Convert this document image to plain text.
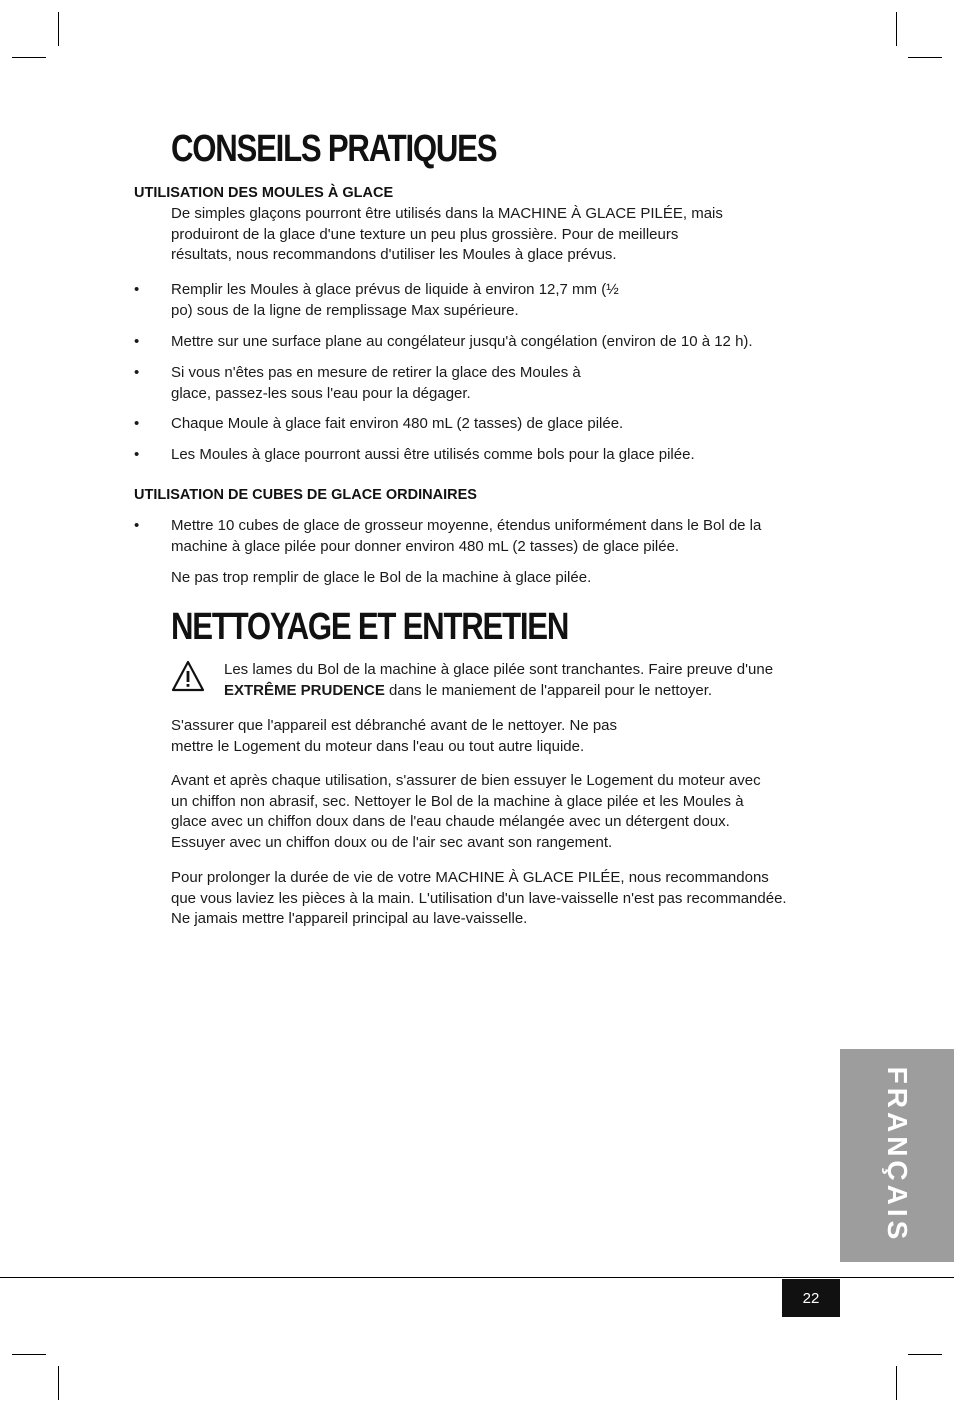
CONSEILS PRATIQUES
UTILISATION DES MOULES À GLACE

De simples glaçons pourront être utilisés dans la MACHINE À GLACE PILÉE, mais produiront de la glace d'une texture un peu plus grossière. Pour de meilleurs résultats, nous recommandons d'utiliser les Moules à glace prévus.

• Remplir les Moules à glace prévus de liquide à environ 12,7 mm (½ po) sous de la ligne de remplissage Max supérieure.

• Mettre sur une surface plane au congélateur jusqu'à congélation (environ de 10 à 12 h).

• Si vous n'êtes pas en mesure de retirer la glace des Moules à glace, passez-les sous l'eau pour la dégager.

• Chaque Moule à glace fait environ 480 mL (2 tasses) de glace pilée.

• Les Moules à glace pourront aussi être utilisés comme bols pour la glace pilée.

UTILISATION DE CUBES DE GLACE ORDINAIRES
• Mettre 10 cubes de glace de grosseur moyenne, étendus uniformément dans le Bol de la machine à glace pilée pour donner environ 480 mL (2 tasses) de glace pilée.

Ne pas trop remplir de glace le Bol de la machine à glace pilée.

NETTOYAGE ET ENTRETIEN

Les lames du Bol de la machine à glace pilée sont tranchantes. Faire preuve d'une EXTRÊME PRUDENCE dans le maniement de l'appareil pour le nettoyer.

S'assurer que l'appareil est débranché avant de le nettoyer. Ne pas mettre le Logement du moteur dans l'eau ou tout autre liquide.

Avant et après chaque utilisation, s'assurer de bien essuyer le Logement du moteur avec un chiffon non abrasif, sec. Nettoyer le Bol de la machine à glace pilée et les Moules à glace avec un chiffon doux dans de l'eau chaude mélangée avec un détergent doux. Essuyer avec un chiffon doux ou de l'air sec avant son rangement.

Pour prolonger la durée de vie de votre MACHINE À GLACE PILÉE, nous recommandons que vous laviez les pièces à la main. L'utilisation d'un lave-vaisselle n'est pas recommandée. Ne jamais mettre l'appareil principal au lave-vaisselle.

FRANÇAIS
22
